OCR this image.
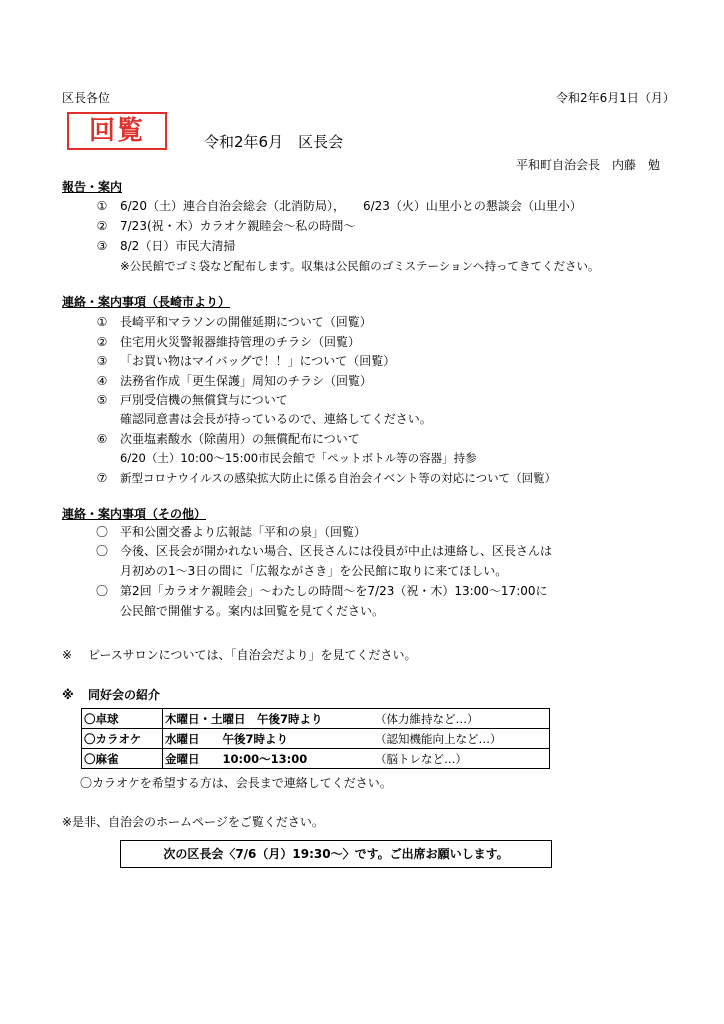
区長各位	令和2年6月1日（月）
回覧	令和2年6月　区長会
平和町自治会長　内藤　勉
報告・案内
①	6/20（土）連合自治会総会（北消防局），　　6/23（火）山里小との懇談会（山里小）
②	7/23(祝・木）カラオケ親睦会～私の時間～
③	8/2（日）市民大清掃
※公民館でゴミ袋など配布します。収集は公民館のゴミステーションへ持ってきてください。
連絡・案内事項（長崎市より）
①	長崎平和マラソンの開催延期について（回覧）
②	住宅用火災警報器維持管理のチラシ（回覧）
③	「お買い物はマイバッグで！！」について（回覧）
④	法務省作成「更生保護」周知のチラシ（回覧）
⑤	戸別受信機の無償貸与について
確認同意書は会長が持っているので、連絡してください。
⑥	次亜塩素酸水（除菌用）の無償配布について
6/20（土）10:00～15:00市民会館で「ペットボトル等の容器」持参
⑦	新型コロナウイルスの感染拡大防止に係る自治会イベント等の対応について（回覧）
連絡・案内事項（その他）
〇	平和公園交番より広報誌「平和の泉」（回覧）
〇	今後、区長会が開かれない場合、区長さんには役員が中止は連絡し、区長さんは
月初めの1～3日の間に「広報ながさき」を公民館に取りに来てほしい。
〇	第2回「カラオケ親睦会」～わたしの時間～を7/23（祝・木）13:00～17:00に
公民館で開催する。案内は回覧を見てください。
※ ピースサロンについては、「自治会だより」を見てください。
※ 同好会の紹介
〇卓球	木曜日・土曜日　午後7時より	（体力維持など…）
〇カラオケ	水曜日　　午後7時より	（認知機能向上など…）
〇麻雀	金曜日　　10:00～13:00	（脳トレなど…）
〇カラオケを希望する方は、会長まで連絡してください。
※是非、自治会のホームページをご覧ください。
次の区長会〈7/6（月）19:30～〉です。ご出席お願いします。
